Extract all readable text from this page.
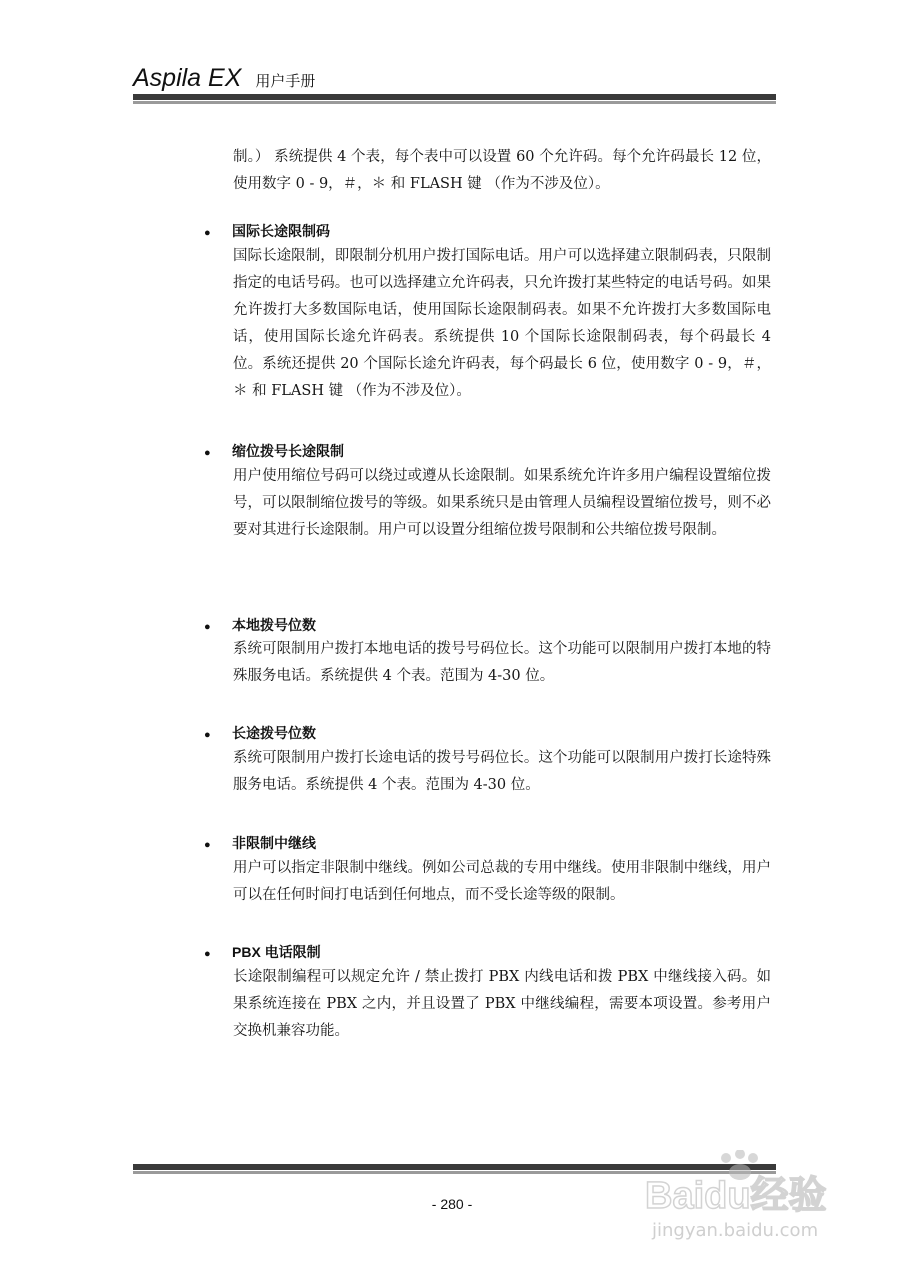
Aspila EX 用户手册

制。） 系统提供 4 个表，每个表中可以设置 60 个允许码。每个允许码最长 12 位，使用数字 0 - 9，＃，＊ 和 FLASH 键 （作为不涉及位）。

● 国际长途限制码

国际长途限制，即限制分机用户拨打国际电话。用户可以选择建立限制码表，只限制指定的电话号码。也可以选择建立允许码表，只允许拨打某些特定的电话号码。如果允许拨打大多数国际电话，使用国际长途限制码表。如果不允许拨打大多数国际电话，使用国际长途允许码表。系统提供 10 个国际长途限制码表，每个码最长 4 位。系统还提供 20 个国际长途允许码表，每个码最长 6 位，使用数字 0 - 9，＃，＊ 和 FLASH 键 （作为不涉及位）。

● 缩位拨号长途限制

用户使用缩位号码可以绕过或遵从长途限制。如果系统允许许多用户编程设置缩位拨号，可以限制缩位拨号的等级。如果系统只是由管理人员编程设置缩位拨号，则不必要对其进行长途限制。用户可以设置分组缩位拨号限制和公共缩位拨号限制。

● 本地拨号位数

系统可限制用户拨打本地电话的拨号号码位长。这个功能可以限制用户拨打本地的特殊服务电话。系统提供 4 个表。范围为 4-30 位。

● 长途拨号位数

系统可限制用户拨打长途电话的拨号号码位长。这个功能可以限制用户拨打长途特殊服务电话。系统提供 4 个表。范围为 4-30 位。

● 非限制中继线

用户可以指定非限制中继线。例如公司总裁的专用中继线。使用非限制中继线，用户可以在任何时间打电话到任何地点，而不受长途等级的限制。

● PBX 电话限制

长途限制编程可以规定允许 / 禁止拨打 PBX 内线电话和拨 PBX 中继线接入码。如果系统连接在 PBX 之内，并且设置了 PBX 中继线编程，需要本项设置。参考用户交换机兼容功能。

- 280 -	Baidu经验
jingyan.baidu.com
